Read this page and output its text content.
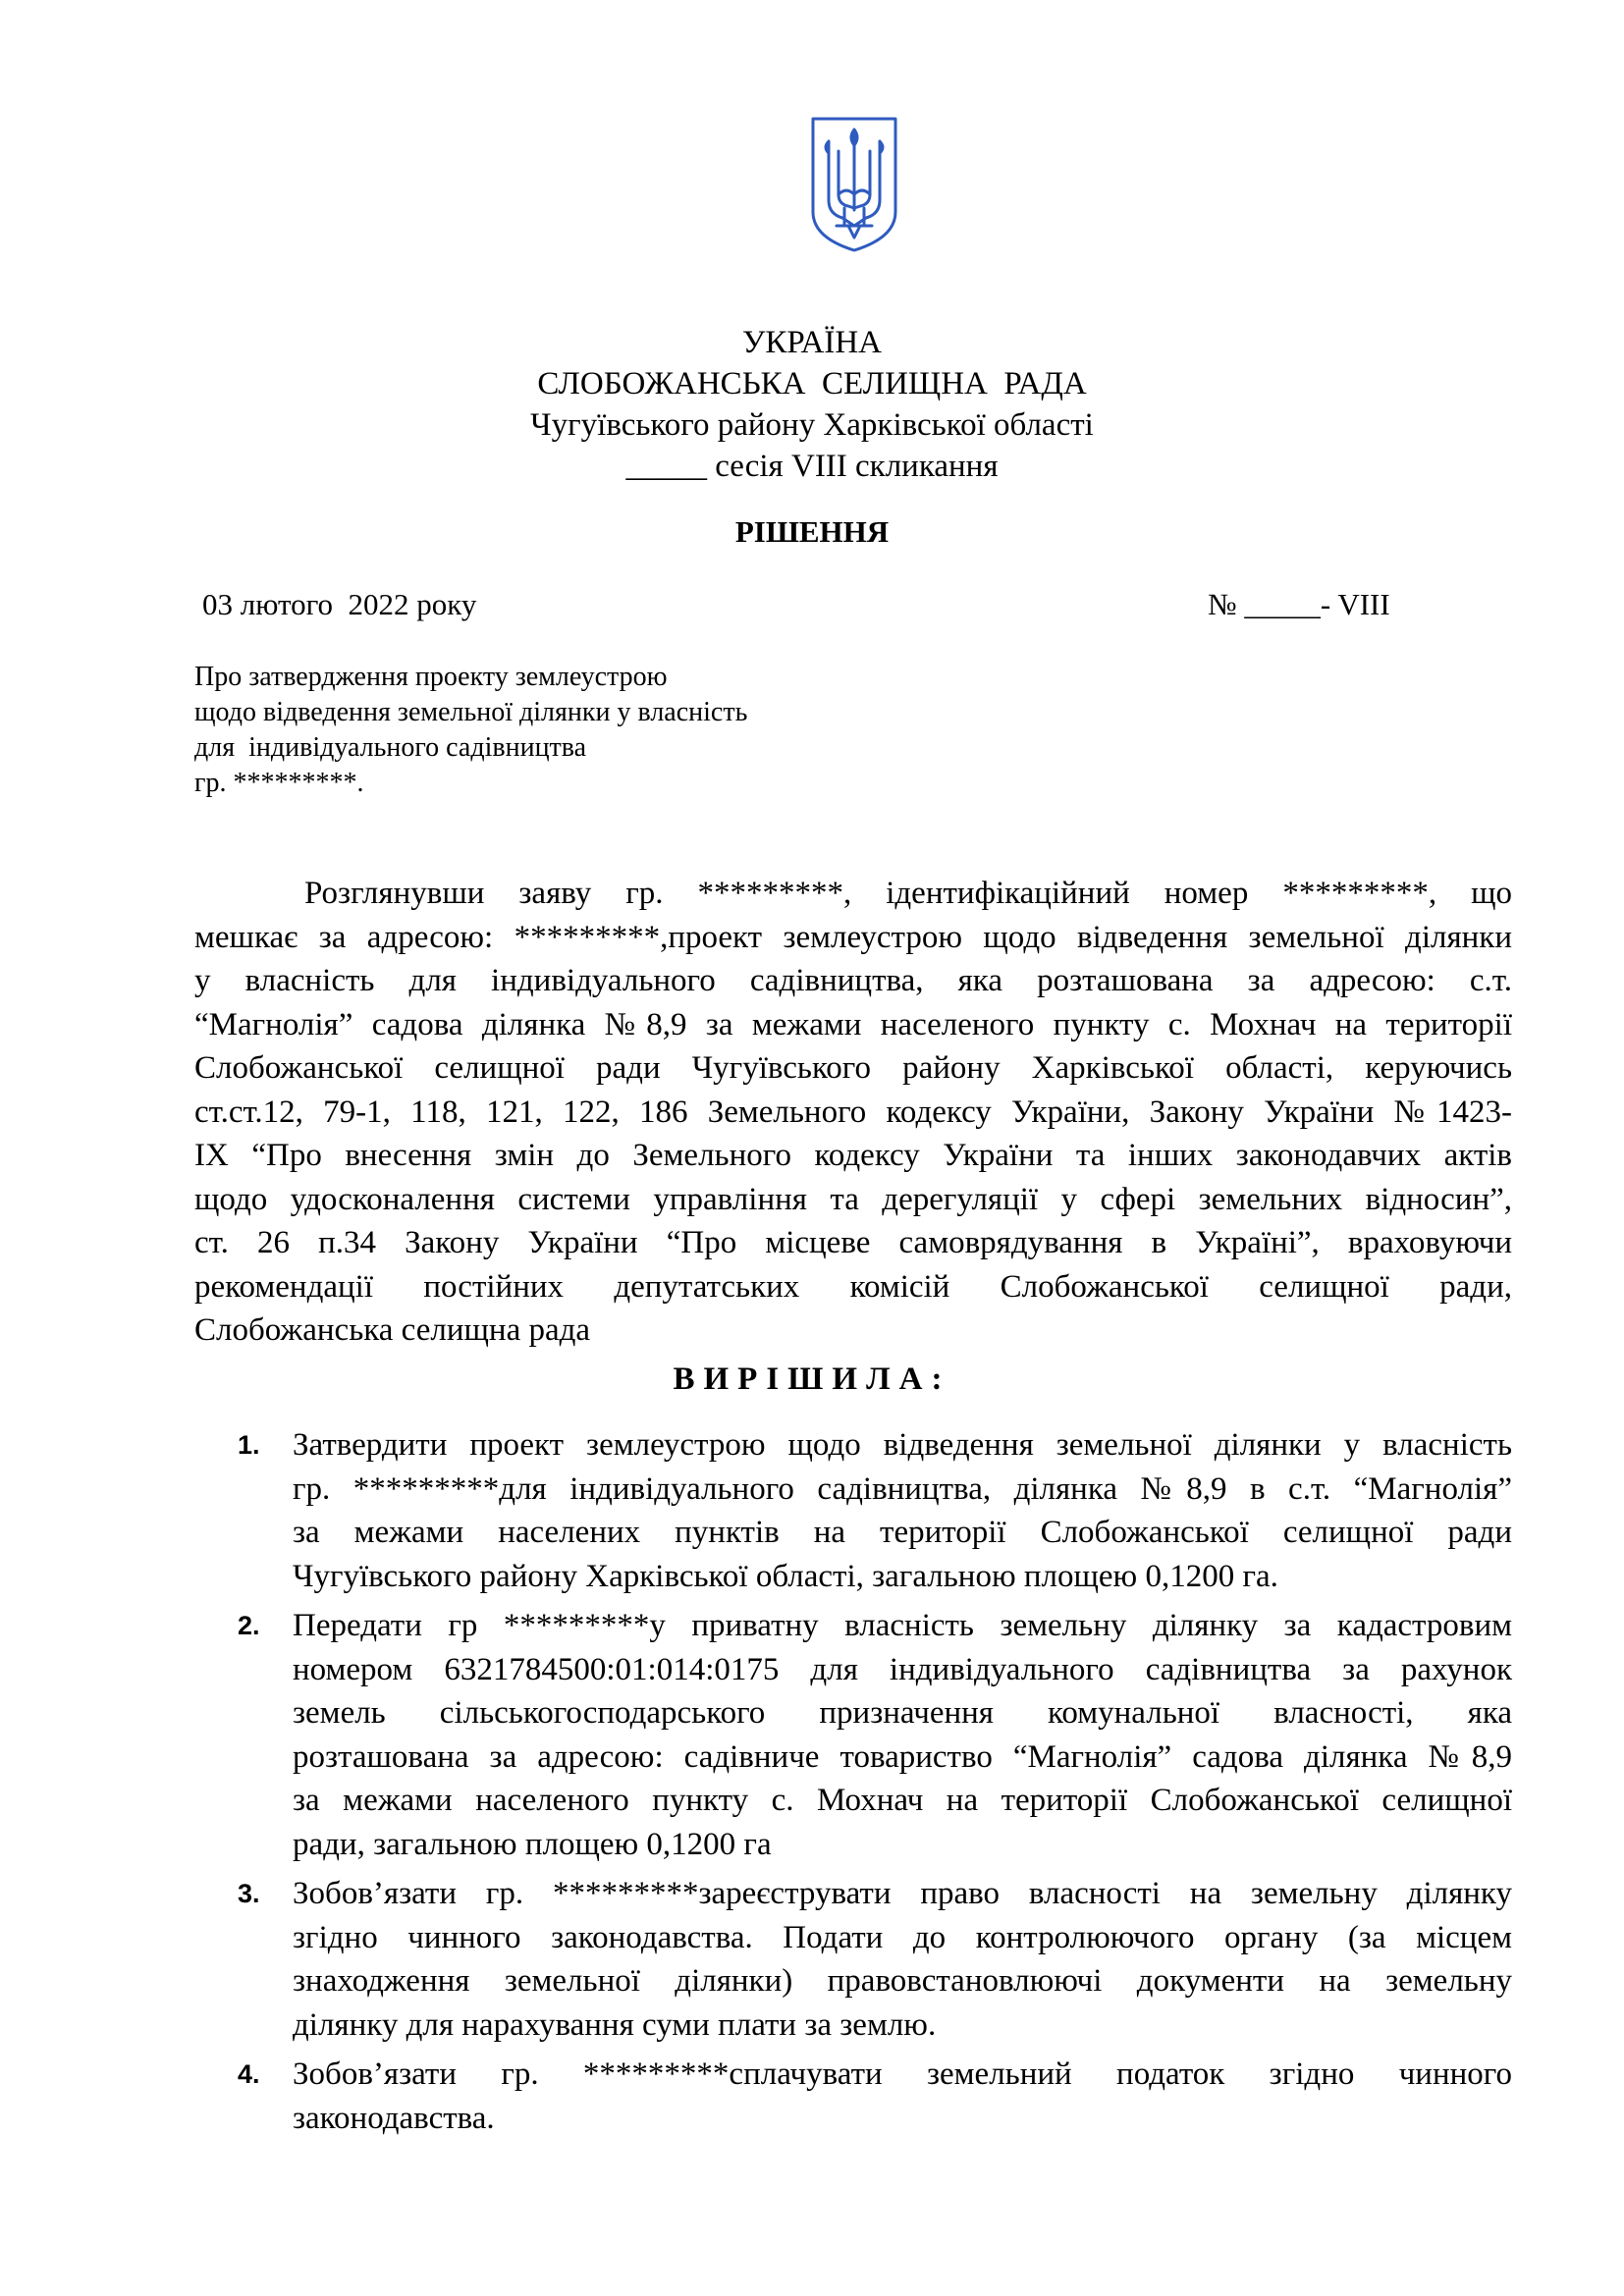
УКРАЇНА
СЛОБОЖАНСЬКА  СЕЛИЩНА  РАДА
Чугуївського району Харківської області
_____ сесія VIII скликання
РІШЕННЯ
03 лютого  2022 року	№ _____- VIII
Про затвердження проекту землеустрою
щодо відведення земельної ділянки у власність
для  індивідуального садівництва
гр. *********.
Розглянувши заяву гр. *********, ідентифікаційний номер *********, що
мешкає за адресою: *********,проект землеустрою щодо відведення земельної ділянки
у власність для індивідуального садівництва, яка розташована за адресою: с.т.
“Магнолія” садова ділянка №8,9 за межами населеного пункту с. Мохнач на території
Слобожанської селищної ради Чугуївського району Харківської області, керуючись
ст.ст.12, 79-1, 118, 121, 122, 186 Земельного кодексу України, Закону України №1423-
IX “Про внесення змін до Земельного кодексу України та інших законодавчих актів
щодо удосконалення системи управління та дерегуляції у сфері земельних відносин”,
ст. 26 п.34 Закону України “Про місцеве самоврядування в Україні”, враховуючи
рекомендації постійних депутатських комісій Слобожанської селищної ради,
Слобожанська селищна рада
ВИРІШИЛА:
1. Затвердити проект землеустрою щодо відведення земельної ділянки у власність
гр. *********для індивідуального садівництва, ділянка №8,9 в с.т. “Магнолія”
за межами населених пунктів на території Слобожанської селищної ради
Чугуївського району Харківської області, загальною площею 0,1200 га.
2. Передати гр *********у приватну власність земельну ділянку за кадастровим
номером 6321784500:01:014:0175 для індивідуального садівництва за рахунок
земель сільськогосподарського призначення комунальної власності, яка
розташована за адресою: садівниче товариство “Магнолія” садова ділянка №8,9
за межами населеного пункту с. Мохнач на території Слобожанської селищної
ради, загальною площею 0,1200 га
3. Зобов’язати гр. *********зареєструвати право власності на земельну ділянку
згідно чинного законодавства. Подати до контролюючого органу (за місцем
знаходження земельної ділянки) правовстановлюючі документи на земельну
ділянку для нарахування суми плати за землю.
4. Зобов’язати гр. *********сплачувати земельний податок згідно чинного
законодавства.
